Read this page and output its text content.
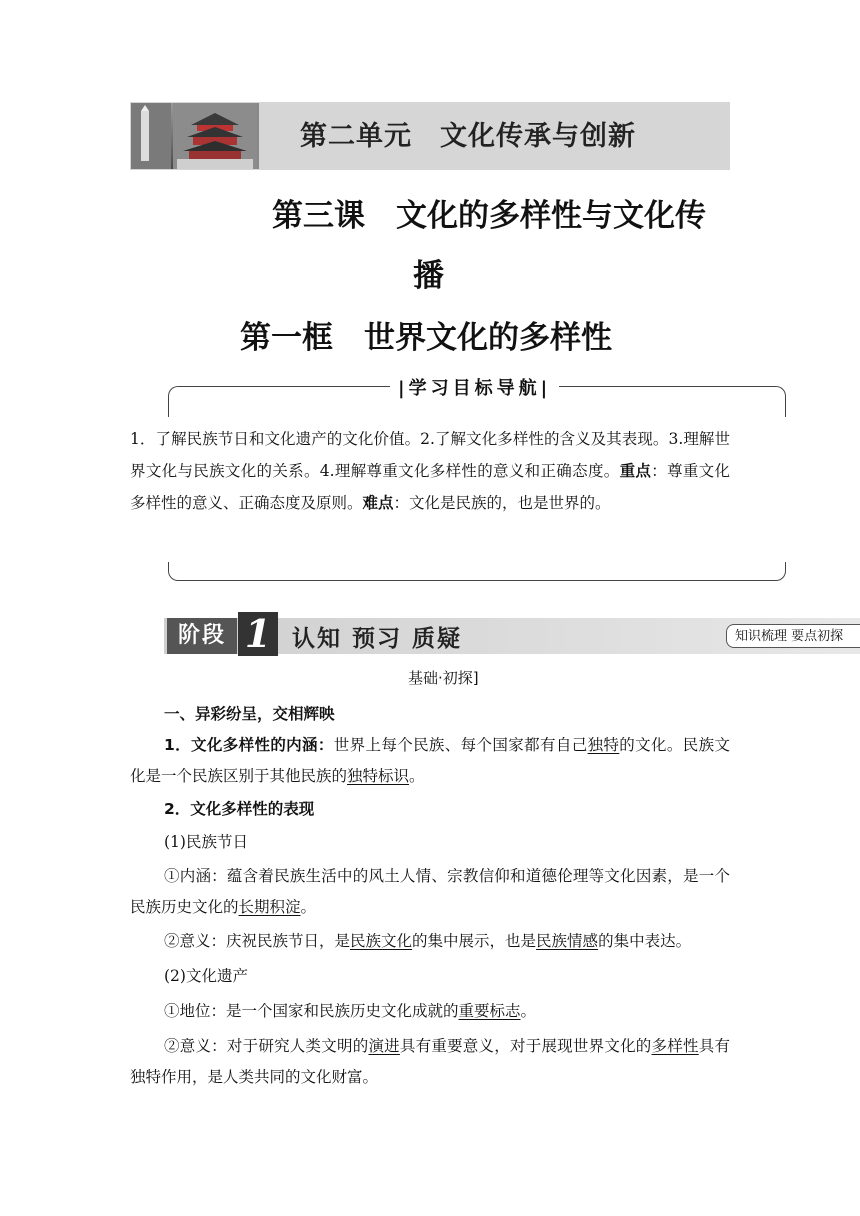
第二单元　文化传承与创新
第三课　文化的多样性与文化传
播
第一框　世界文化的多样性
|学习目标导航|
1．了解民族节日和文化遗产的文化价值。2.了解文化多样性的含义及其表现。3.理解世界文化与民族文化的关系。4.理解尊重文化多样性的意义和正确态度。重点：尊重文化多样性的意义、正确态度及原则。难点：文化是民族的，也是世界的。
阶段 1 认知 预习 质疑	知识梳理 要点初探
基础·初探]
一、异彩纷呈，交相辉映
1．文化多样性的内涵：世界上每个民族、每个国家都有自己独特的文化。民族文化是一个民族区别于其他民族的独特标识。
2．文化多样性的表现
(1)民族节日
①内涵：蕴含着民族生活中的风土人情、宗教信仰和道德伦理等文化因素，是一个民族历史文化的长期积淀。
②意义：庆祝民族节日，是民族文化的集中展示，也是民族情感的集中表达。
(2)文化遗产
①地位：是一个国家和民族历史文化成就的重要标志。
②意义：对于研究人类文明的演进具有重要意义，对于展现世界文化的多样性具有独特作用，是人类共同的文化财富。
